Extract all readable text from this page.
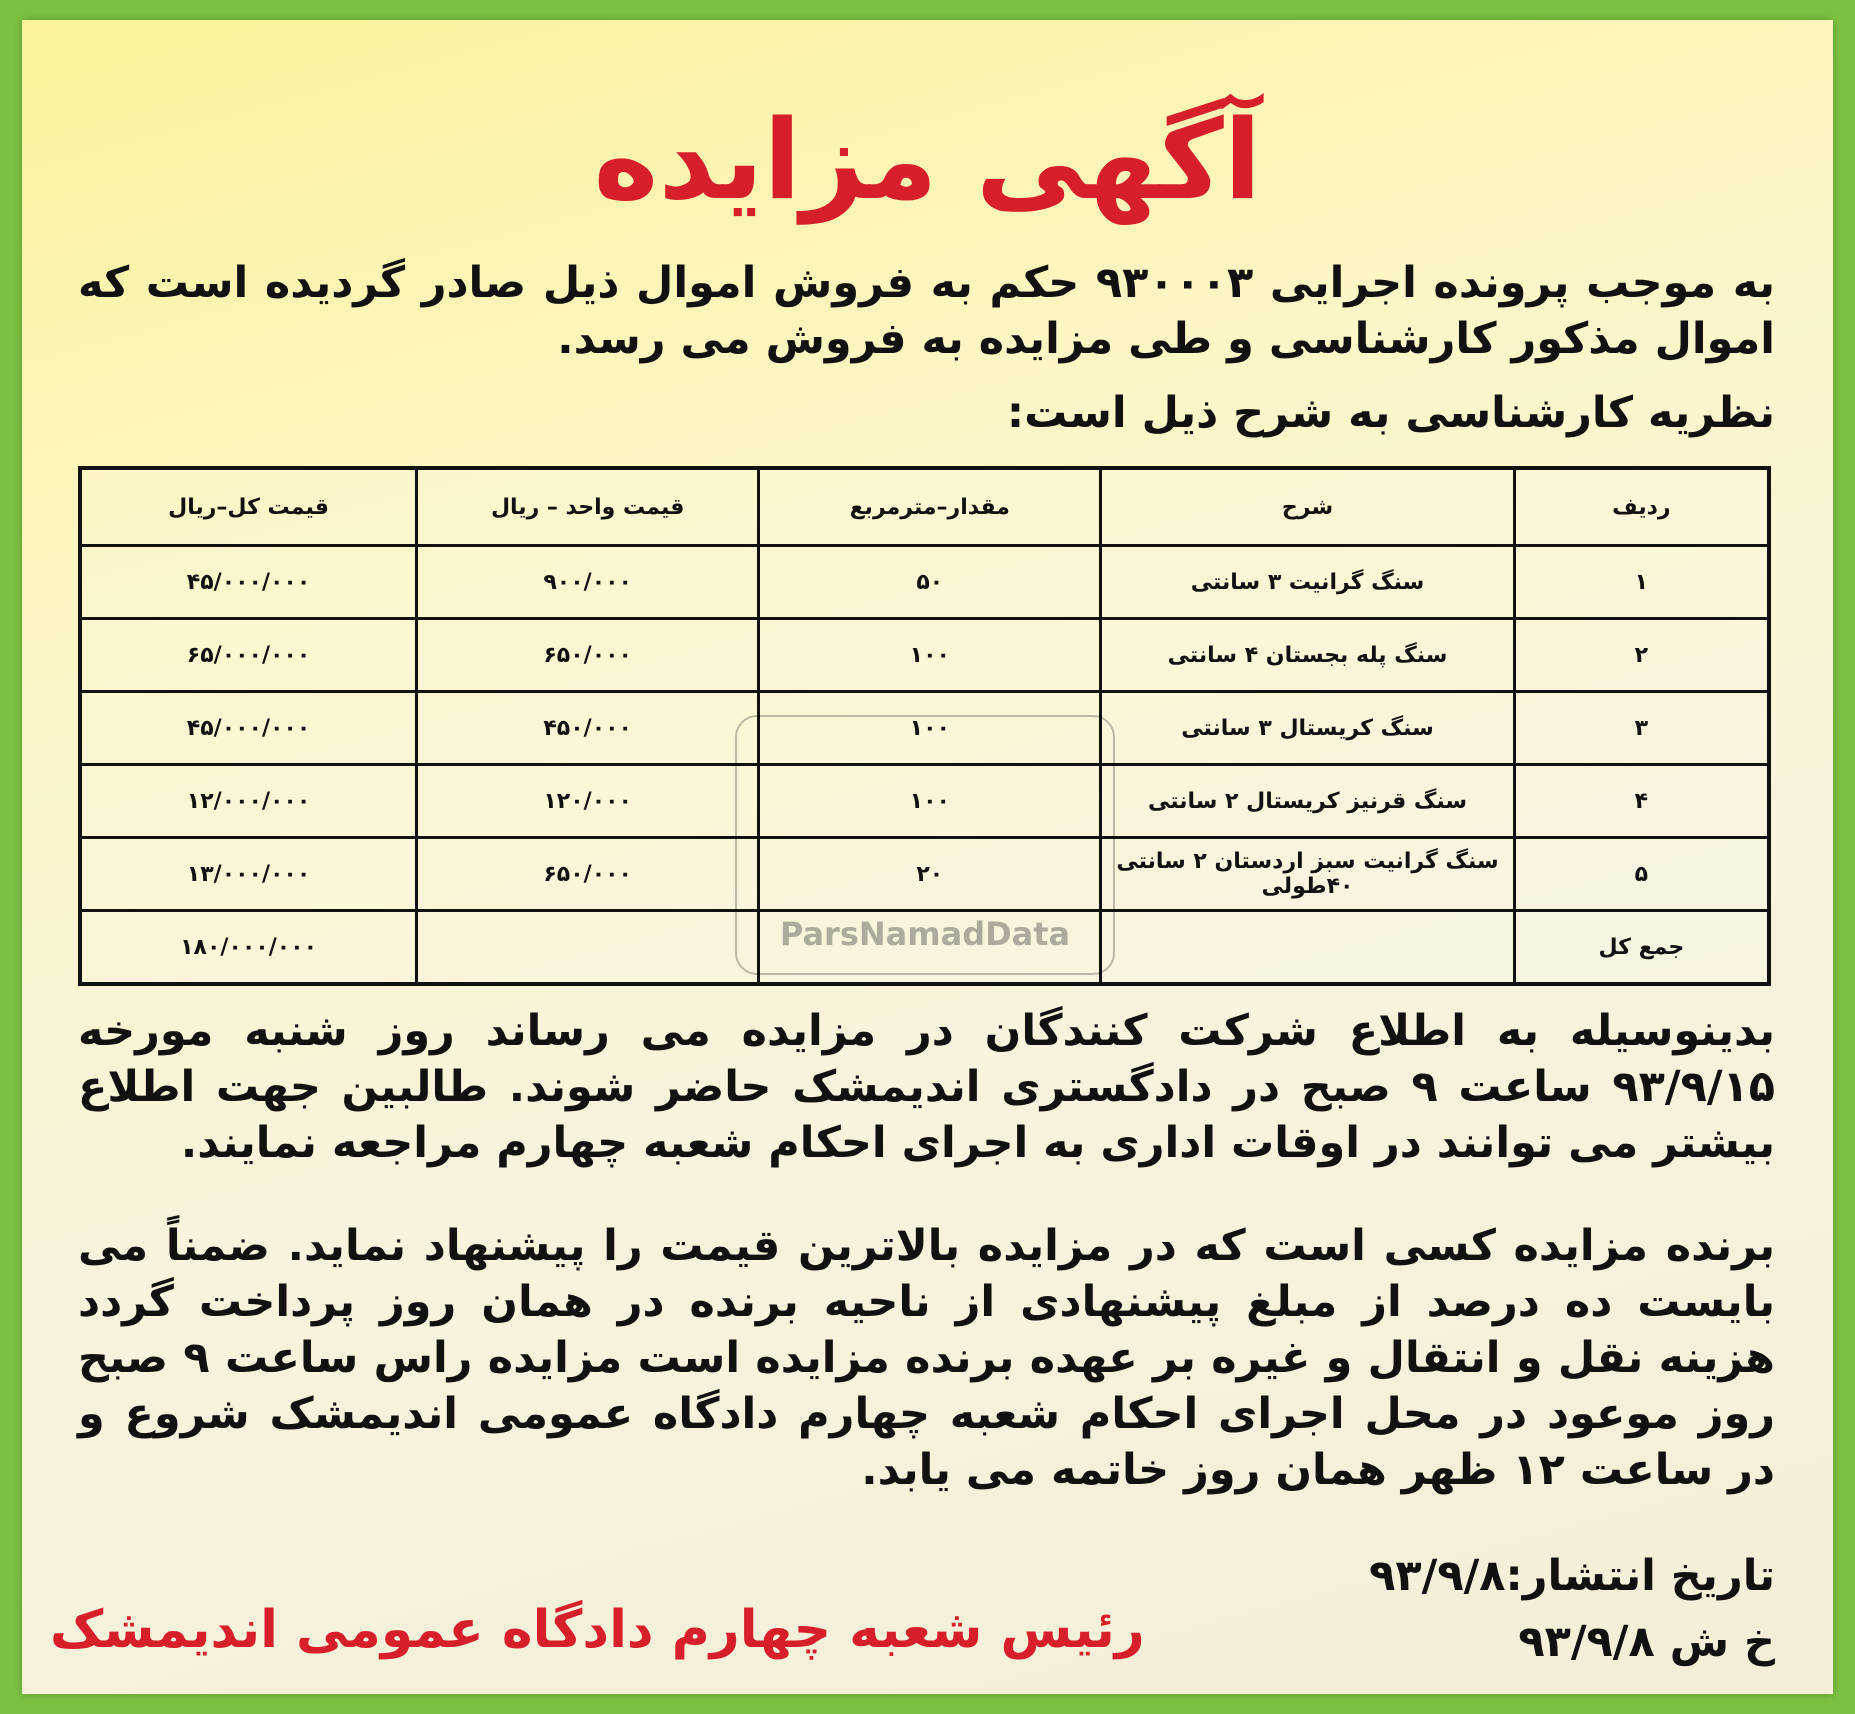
آگهی مزایده
به موجب پرونده اجرایی ۹۳۰۰۰۳ حکم به فروش اموال ذیل صادر گردیده است که اموال مذکور کارشناسی و طی مزایده به فروش می رسد.
نظریه کارشناسی به شرح ذیل است:
ردیف	شرح	مقدار–مترمربع	قیمت واحد – ریال	قیمت کل–ریال
۱	سنگ گرانیت ۳ سانتی	۵۰	۹۰۰/۰۰۰	۴۵/۰۰۰/۰۰۰
۲	سنگ پله بجستان ۴ سانتی	۱۰۰	۶۵۰/۰۰۰	۶۵/۰۰۰/۰۰۰
۳	سنگ کریستال ۳ سانتی	۱۰۰	۴۵۰/۰۰۰	۴۵/۰۰۰/۰۰۰
۴	سنگ قرنیز کریستال ۲ سانتی	۱۰۰	۱۲۰/۰۰۰	۱۲/۰۰۰/۰۰۰
۵	سنگ گرانیت سبز اردستان ۲ سانتی ۴۰طولی	۲۰	۶۵۰/۰۰۰	۱۳/۰۰۰/۰۰۰
جمع کل				۱۸۰/۰۰۰/۰۰۰	ParsNamadData
بدینوسیله به اطلاع شرکت کنندگان در مزایده می رساند روز شنبه مورخه ۹۳/۹/۱۵ ساعت ۹ صبح در دادگستری اندیمشک حاضر شوند. طالبین جهت اطلاع بیشتر می توانند در اوقات اداری به اجرای احکام شعبه چهارم مراجعه نمایند.
برنده مزایده کسی است که در مزایده بالاترین قیمت را پیشنهاد نماید. ضمناً می بایست ده درصد از مبلغ پیشنهادی از ناحیه برنده در همان روز پرداخت گردد هزینه نقل و انتقال و غیره بر عهده برنده مزایده است مزایده راس ساعت ۹ صبح روز موعود در محل اجرای احکام شعبه چهارم دادگاه عمومی اندیمشک شروع و در ساعت ۱۲ ظهر همان روز خاتمه می یابد.
تاریخ انتشار:۹۳/۹/۸
خ ش ۹۳/۹/۸
رئیس شعبه چهارم دادگاه عمومی اندیمشک
